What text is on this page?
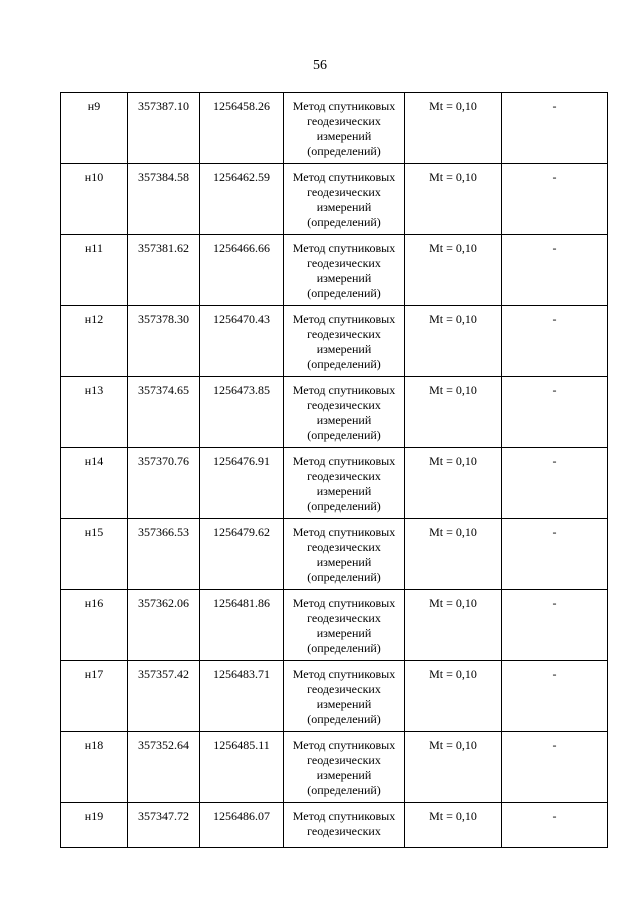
56
н9	357387.10	1256458.26	Метод спутниковых геодезических измерений (определений)	Mt = 0,10	-
н10	357384.58	1256462.59	Метод спутниковых геодезических измерений (определений)	Mt = 0,10	-
н11	357381.62	1256466.66	Метод спутниковых геодезических измерений (определений)	Mt = 0,10	-
н12	357378.30	1256470.43	Метод спутниковых геодезических измерений (определений)	Mt = 0,10	-
н13	357374.65	1256473.85	Метод спутниковых геодезических измерений (определений)	Mt = 0,10	-
н14	357370.76	1256476.91	Метод спутниковых геодезических измерений (определений)	Mt = 0,10	-
н15	357366.53	1256479.62	Метод спутниковых геодезических измерений (определений)	Mt = 0,10	-
н16	357362.06	1256481.86	Метод спутниковых геодезических измерений (определений)	Mt = 0,10	-
н17	357357.42	1256483.71	Метод спутниковых геодезических измерений (определений)	Mt = 0,10	-
н18	357352.64	1256485.11	Метод спутниковых геодезических измерений (определений)	Mt = 0,10	-
н19	357347.72	1256486.07	Метод спутниковых геодезических	Mt = 0,10	-
